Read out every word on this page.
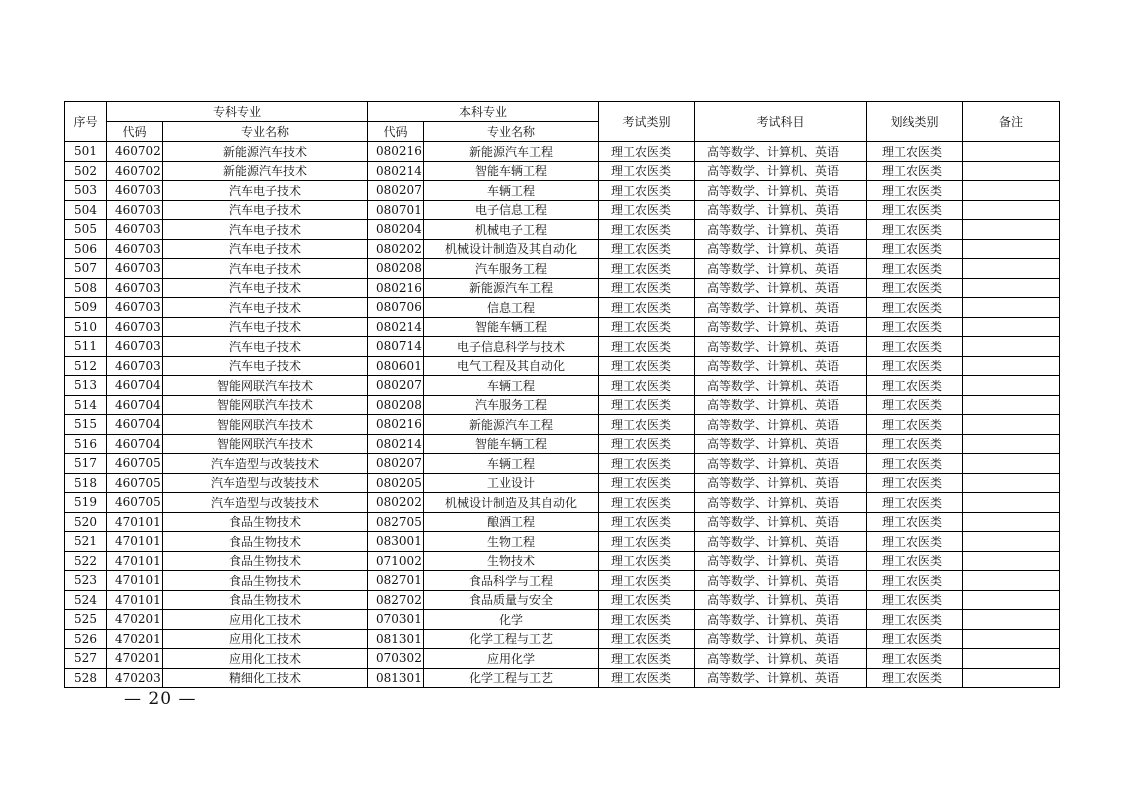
序号	专科专业		本科专业		考试类别	考试科目	划线类别	备注
	代码	专业名称	代码	专业名称				
501	460702	新能源汽车技术	080216	新能源汽车工程	理工农医类	高等数学、计算机、英语	理工农医类	
502	460702	新能源汽车技术	080214	智能车辆工程	理工农医类	高等数学、计算机、英语	理工农医类	
503	460703	汽车电子技术	080207	车辆工程	理工农医类	高等数学、计算机、英语	理工农医类	
504	460703	汽车电子技术	080701	电子信息工程	理工农医类	高等数学、计算机、英语	理工农医类	
505	460703	汽车电子技术	080204	机械电子工程	理工农医类	高等数学、计算机、英语	理工农医类	
506	460703	汽车电子技术	080202	机械设计制造及其自动化	理工农医类	高等数学、计算机、英语	理工农医类	
507	460703	汽车电子技术	080208	汽车服务工程	理工农医类	高等数学、计算机、英语	理工农医类	
508	460703	汽车电子技术	080216	新能源汽车工程	理工农医类	高等数学、计算机、英语	理工农医类	
509	460703	汽车电子技术	080706	信息工程	理工农医类	高等数学、计算机、英语	理工农医类	
510	460703	汽车电子技术	080214	智能车辆工程	理工农医类	高等数学、计算机、英语	理工农医类	
511	460703	汽车电子技术	080714	电子信息科学与技术	理工农医类	高等数学、计算机、英语	理工农医类	
512	460703	汽车电子技术	080601	电气工程及其自动化	理工农医类	高等数学、计算机、英语	理工农医类	
513	460704	智能网联汽车技术	080207	车辆工程	理工农医类	高等数学、计算机、英语	理工农医类	
514	460704	智能网联汽车技术	080208	汽车服务工程	理工农医类	高等数学、计算机、英语	理工农医类	
515	460704	智能网联汽车技术	080216	新能源汽车工程	理工农医类	高等数学、计算机、英语	理工农医类	
516	460704	智能网联汽车技术	080214	智能车辆工程	理工农医类	高等数学、计算机、英语	理工农医类	
517	460705	汽车造型与改装技术	080207	车辆工程	理工农医类	高等数学、计算机、英语	理工农医类	
518	460705	汽车造型与改装技术	080205	工业设计	理工农医类	高等数学、计算机、英语	理工农医类	
519	460705	汽车造型与改装技术	080202	机械设计制造及其自动化	理工农医类	高等数学、计算机、英语	理工农医类	
520	470101	食品生物技术	082705	酿酒工程	理工农医类	高等数学、计算机、英语	理工农医类	
521	470101	食品生物技术	083001	生物工程	理工农医类	高等数学、计算机、英语	理工农医类	
522	470101	食品生物技术	071002	生物技术	理工农医类	高等数学、计算机、英语	理工农医类	
523	470101	食品生物技术	082701	食品科学与工程	理工农医类	高等数学、计算机、英语	理工农医类	
524	470101	食品生物技术	082702	食品质量与安全	理工农医类	高等数学、计算机、英语	理工农医类	
525	470201	应用化工技术	070301	化学	理工农医类	高等数学、计算机、英语	理工农医类	
526	470201	应用化工技术	081301	化学工程与工艺	理工农医类	高等数学、计算机、英语	理工农医类	
527	470201	应用化工技术	070302	应用化学	理工农医类	高等数学、计算机、英语	理工农医类	
528	470203	精细化工技术	081301	化学工程与工艺	理工农医类	高等数学、计算机、英语	理工农医类	
— 20 —
